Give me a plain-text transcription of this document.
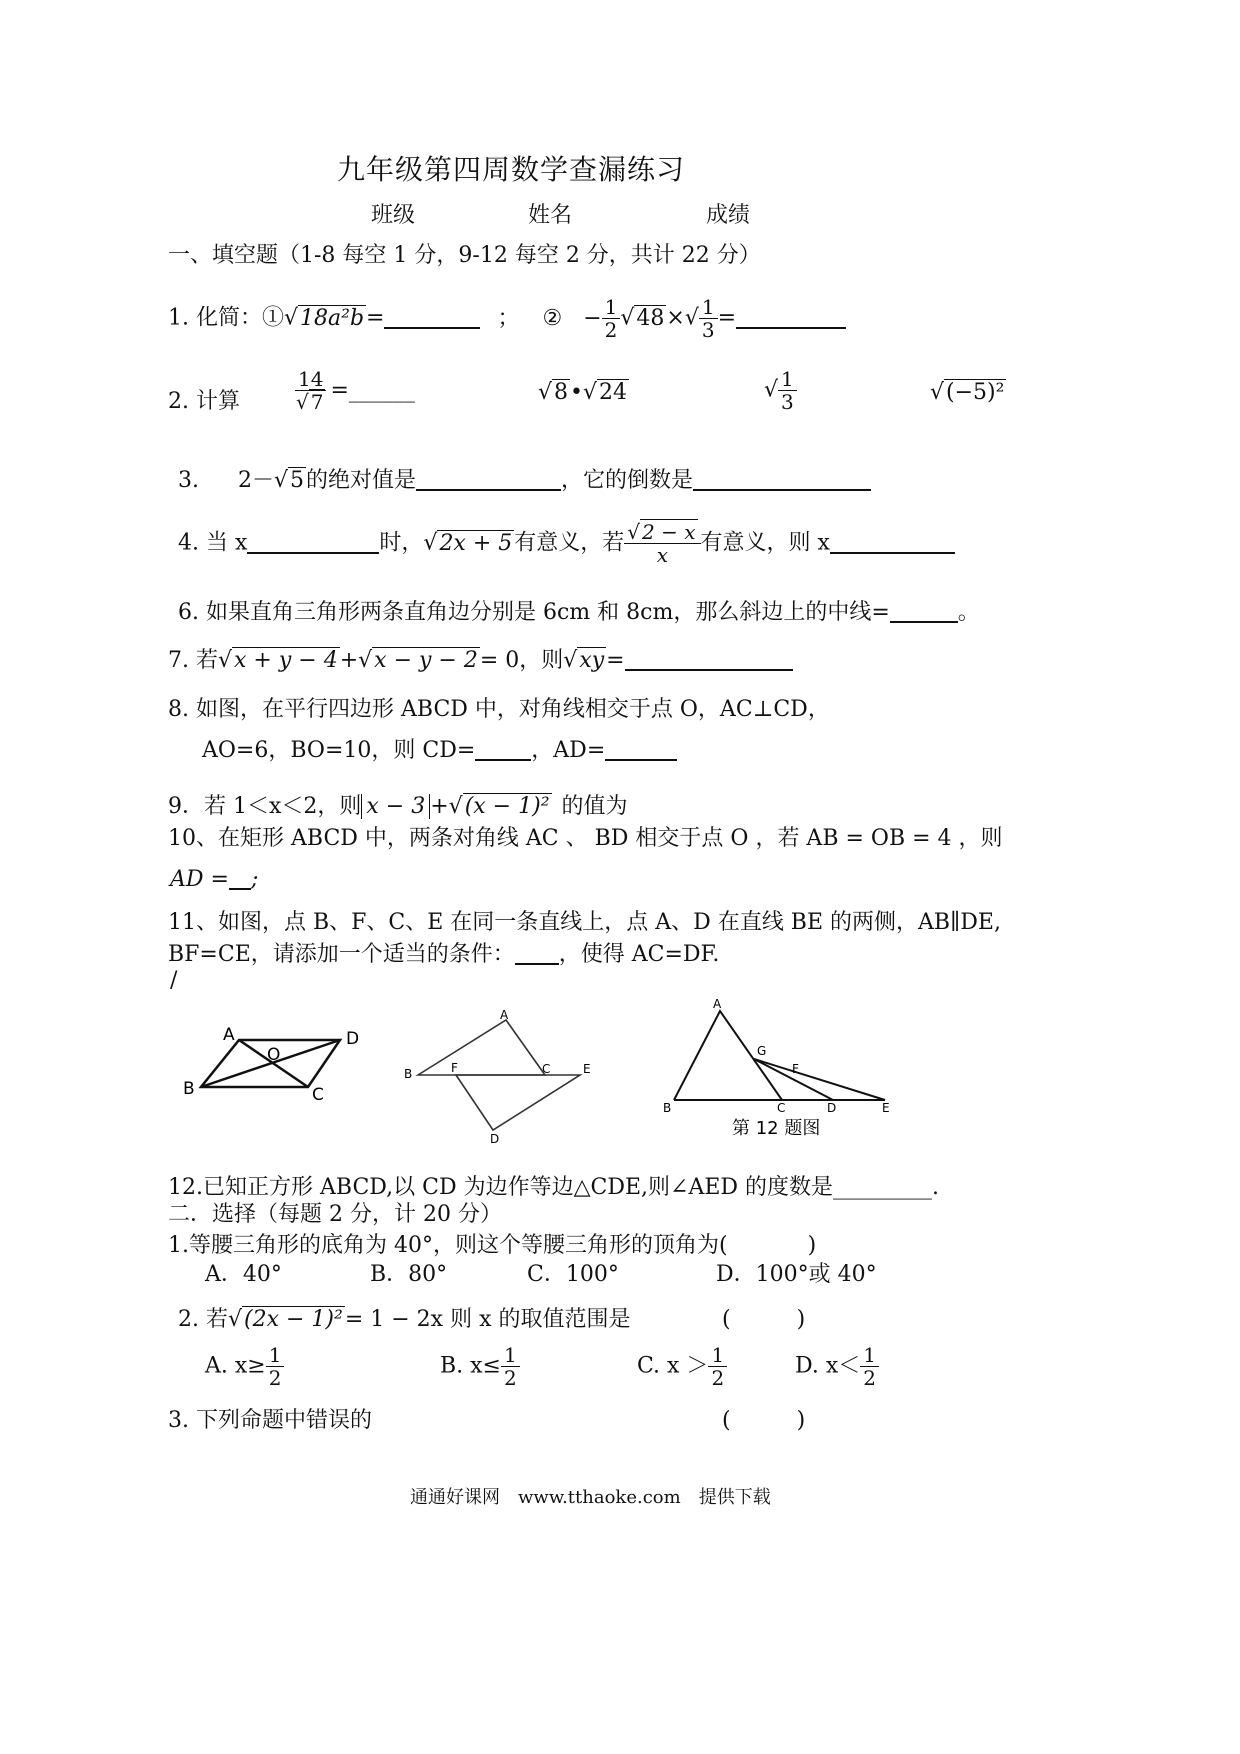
九年级第四周数学查漏练习
班级	姓名	成绩
一、填空题（1-8 每空 1 分，9-12 每空 2 分，共计 22 分）
1. 化简：①√18a²b=	； ② − $\frac{1}{2} √48\times√ \frac{1}{3}$ =
2. 计算	$\frac{14}{√ 7}$ =______	√8•√24	√ $\frac{1}{3}$	√(−5)²
3. 2－√5的绝对值是	，它的倒数是
4. 当 x	时，√2x + 5有意义，若 $\frac{√ 2 - x}{x}$ 有意义，则 x
6. 如果直角三角形两条直角边分别是 6cm 和 8cm，那么斜边上的中线=	。
7. 若√x + y − 4+√x − y − 2= 0，则√xy=
8. 如图，在平行四边形 ABCD 中，对角线相交于点 O，AC⊥CD，
AO=6，BO=10，则 CD=	，AD=
9．若 1＜x＜2，则 x − 3 +√(x − 1)² 的值为
10、在矩形 ABCD 中，两条对角线 AC 、 BD 相交于点 O ，若 AB = OB = 4 ，则
AD = ;
11、如图，点 B、F、C、E 在同一条直线上，点 A、D 在直线 BE 的两侧，AB∥DE,
BF=CE，请添加一个适当的条件： ，使得 AC=DF.
/
A	D
O
B	C
A
B	F	C	E
D
A
G
F
B	C	D	E
第 12 题图
12.已知正方形 ABCD,以 CD 为边作等边△CDE,则∠AED 的度数是_________.
二．选择（每题 2 分，计 20 分）
1.等腰三角形的底角为 40°，则这个等腰三角形的顶角为(	)
A．40°	B．80°	C．100°	D．100°或 40°
2. 若√(2x − 1)²= 1 − 2x 则 x 的取值范围是	(　　　)
A. $x\ge \frac{1}{2}$	B. $x\le \frac{1}{2}$	C. $x > \frac{1}{2}$	D. $x< \frac{1}{2}$
3. 下列命题中错误的	(　　　)
通通好课网　www.tthaoke.com　提供下载
